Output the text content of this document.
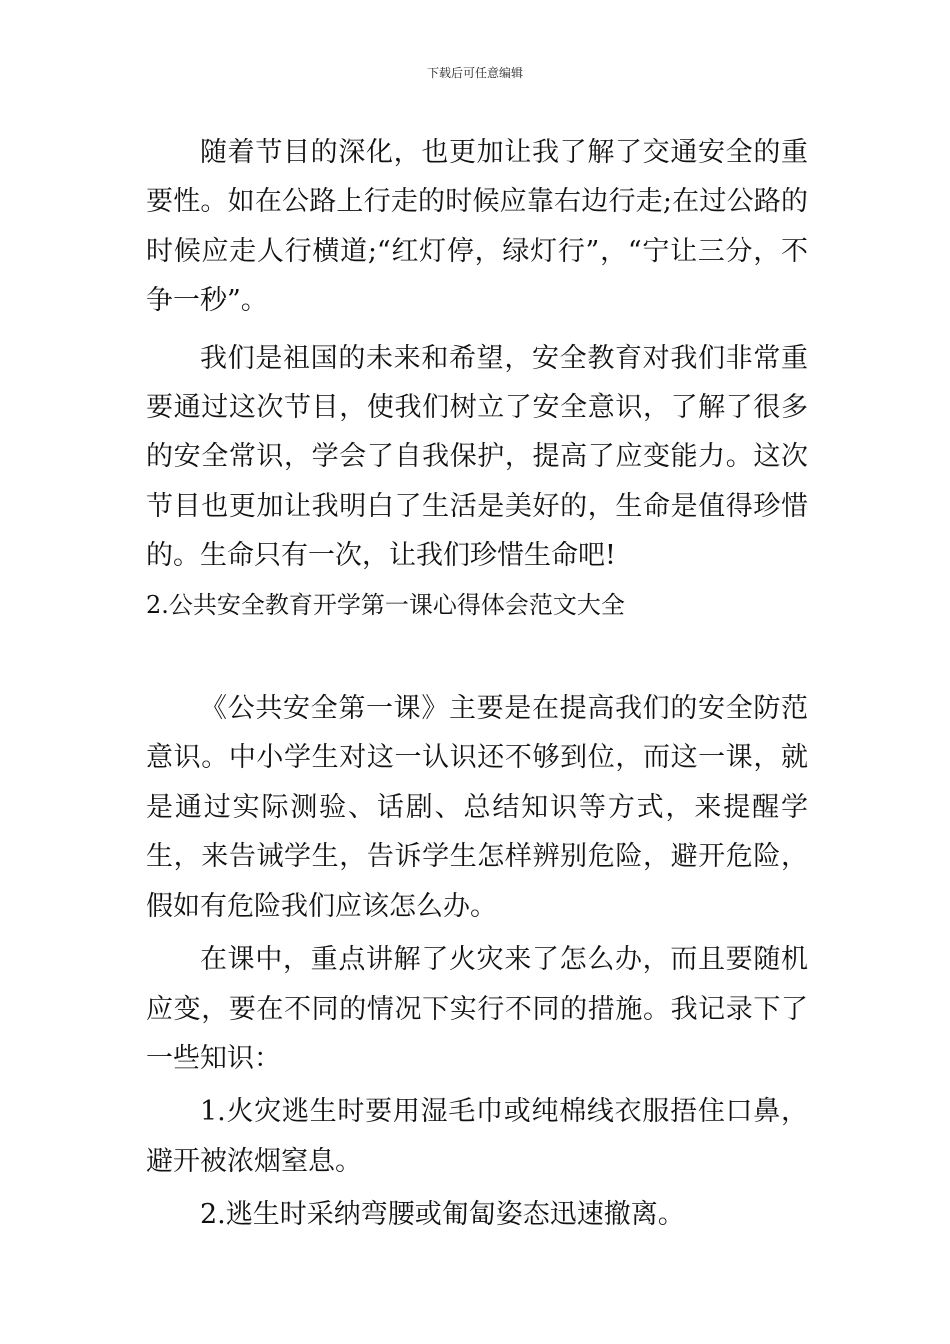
下载后可任意编辑

随着节目的深化，也更加让我了解了交通安全的重要性。如在公路上行走的时候应靠右边行走;在过公路的时候应走人行横道;“红灯停，绿灯行”，“宁让三分，不争一秒”。

我们是祖国的未来和希望，安全教育对我们非常重要通过这次节目，使我们树立了安全意识，了解了很多的安全常识，学会了自我保护，提高了应变能力。这次节目也更加让我明白了生活是美好的，生命是值得珍惜的。生命只有一次，让我们珍惜生命吧!

2.公共安全教育开学第一课心得体会范文大全

《公共安全第一课》主要是在提高我们的安全防范意识。中小学生对这一认识还不够到位，而这一课，就是通过实际测验、话剧、总结知识等方式，来提醒学生，来告诫学生，告诉学生怎样辨别危险，避开危险，假如有危险我们应该怎么办。

在课中，重点讲解了火灾来了怎么办，而且要随机应变，要在不同的情况下实行不同的措施。我记录下了一些知识：

1.火灾逃生时要用湿毛巾或纯棉线衣服捂住口鼻，避开被浓烟窒息。

2.逃生时采纳弯腰或匍匐姿态迅速撤离。
